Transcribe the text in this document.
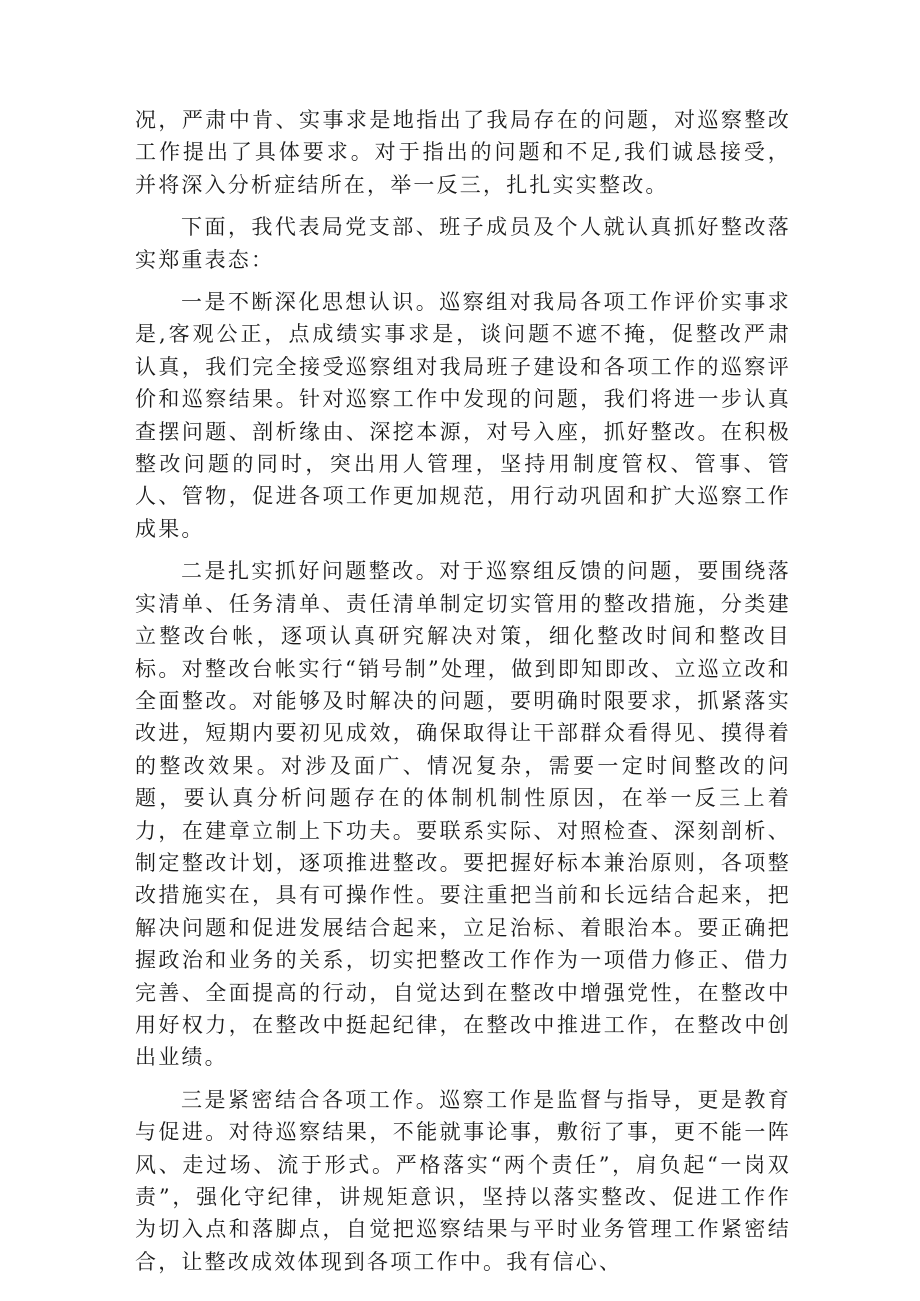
况，严肃中肯、实事求是地指出了我局存在的问题，对巡察整改工作提出了具体要求。对于指出的问题和不足,我们诚恳接受，并将深入分析症结所在，举一反三，扎扎实实整改。

下面，我代表局党支部、班子成员及个人就认真抓好整改落实郑重表态：

一是不断深化思想认识。巡察组对我局各项工作评价实事求是,客观公正，点成绩实事求是，谈问题不遮不掩，促整改严肃认真，我们完全接受巡察组对我局班子建设和各项工作的巡察评价和巡察结果。针对巡察工作中发现的问题，我们将进一步认真查摆问题、剖析缘由、深挖本源，对号入座，抓好整改。在积极整改问题的同时，突出用人管理，坚持用制度管权、管事、管人、管物，促进各项工作更加规范，用行动巩固和扩大巡察工作成果。

二是扎实抓好问题整改。对于巡察组反馈的问题，要围绕落实清单、任务清单、责任清单制定切实管用的整改措施，分类建立整改台帐，逐项认真研究解决对策，细化整改时间和整改目标。对整改台帐实行“销号制”处理，做到即知即改、立巡立改和全面整改。对能够及时解决的问题，要明确时限要求，抓紧落实改进，短期内要初见成效，确保取得让干部群众看得见、摸得着的整改效果。对涉及面广、情况复杂，需要一定时间整改的问题，要认真分析问题存在的体制机制性原因，在举一反三上着力，在建章立制上下功夫。要联系实际、对照检查、深刻剖析、制定整改计划，逐项推进整改。要把握好标本兼治原则，各项整改措施实在，具有可操作性。要注重把当前和长远结合起来，把解决问题和促进发展结合起来，立足治标、着眼治本。要正确把握政治和业务的关系，切实把整改工作作为一项借力修正、借力完善、全面提高的行动，自觉达到在整改中增强党性，在整改中用好权力，在整改中挺起纪律，在整改中推进工作，在整改中创出业绩。

三是紧密结合各项工作。巡察工作是监督与指导，更是教育与促进。对待巡察结果，不能就事论事，敷衍了事，更不能一阵风、走过场、流于形式。严格落实“两个责任”，肩负起“一岗双责”，强化守纪律，讲规矩意识，坚持以落实整改、促进工作作为切入点和落脚点，自觉把巡察结果与平时业务管理工作紧密结合，让整改成效体现到各项工作中。我有信心、
